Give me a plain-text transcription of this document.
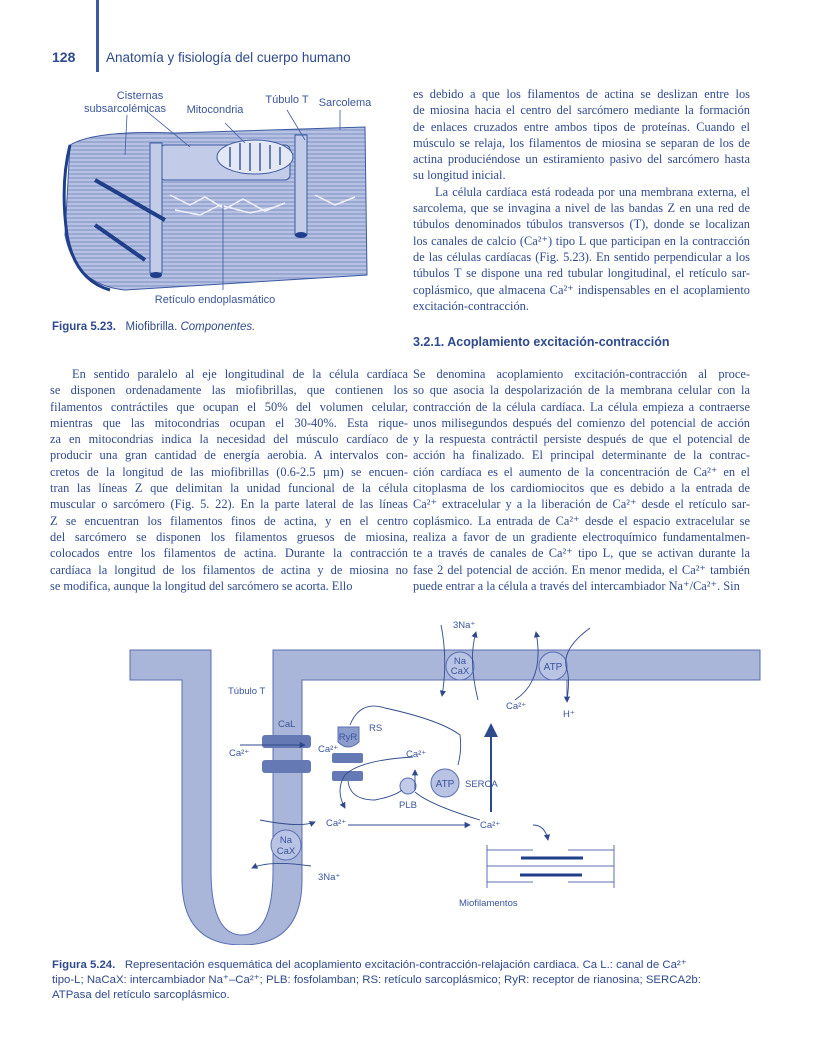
128 Anatomía y fisiología del cuerpo humano
Cisternas
subsarcolémicas Mitocondria
Túbulo T Sarcolema
Retículo endoplasmático
Figura 5.23. Miofibrilla. Componentes.
En sentido paralelo al eje longitudinal de la célula cardíaca
se disponen ordenadamente las miofibrillas, que contienen los
filamentos contráctiles que ocupan el 50% del volumen celular,
mientras que las mitocondrias ocupan el 30-40%. Esta rique-
za en mitocondrias indica la necesidad del músculo cardíaco de
producir una gran cantidad de energía aerobia. A intervalos con-
cretos de la longitud de las miofibrillas (0.6-2.5 µm) se encuen-
tran las líneas Z que delimitan la unidad funcional de la célula
muscular o sarcómero (Fig. 5. 22). En la parte lateral de las líneas
Z se encuentran los filamentos finos de actina, y en el centro
del sarcómero se disponen los filamentos gruesos de miosina,
colocados entre los filamentos de actina. Durante la contracción
cardíaca la longitud de los filamentos de actina y de miosina no
se modifica, aunque la longitud del sarcómero se acorta. Ello
es debido a que los filamentos de actina se deslizan entre los
de miosina hacia el centro del sarcómero mediante la formación
de enlaces cruzados entre ambos tipos de proteínas. Cuando el
músculo se relaja, los filamentos de miosina se separan de los de
actina produciéndose un estiramiento pasivo del sarcómero hasta
su longitud inicial.
La célula cardíaca está rodeada por una membrana externa, el
sarcolema, que se invagina a nivel de las bandas Z en una red de
túbulos denominados túbulos transversos (T), donde se localizan
los canales de calcio (Ca²⁺) tipo L que participan en la contracción
de las células cardíacas (Fig. 5.23). En sentido perpendicular a los
túbulos T se dispone una red tubular longitudinal, el retículo sar-
coplásmico, que almacena Ca²⁺ indispensables en el acoplamiento
excitación-contracción.
3.2.1. Acoplamiento excitación-contracción
Se denomina acoplamiento excitación-contracción al proce-
so que asocia la despolarización de la membrana celular con la
contracción de la célula cardíaca. La célula empieza a contraerse
unos milisegundos después del comienzo del potencial de acción
y la respuesta contráctil persiste después de que el potencial de
acción ha finalizado. El principal determinante de la contrac-
ción cardíaca es el aumento de la concentración de Ca²⁺ en el
citoplasma de los cardiomiocitos que es debido a la entrada de
Ca²⁺ extracelular y a la liberación de Ca²⁺ desde el retículo sar-
coplásmico. La entrada de Ca²⁺ desde el espacio extracelular se
realiza a favor de un gradiente electroquímico fundamentalmen-
te a través de canales de Ca²⁺ tipo L, que se activan durante la
fase 2 del potencial de acción. En menor medida, el Ca²⁺ también
puede entrar a la célula a través del intercambiador Na⁺/Ca²⁺. Sin
Na
CaX	ATP
RyR
ATP
3Na⁺
Túbulo T
Ca²⁺
H⁺
CaL	RS
Ca²⁺	Ca²⁺	Ca²⁺
SERCA
PLB
Ca²⁺	Ca²⁺
3Na⁺
Miofilamentos
Na
CaX
Figura 5.24. Representación esquemática del acoplamiento excitación-contracción-relajación cardiaca. Ca L.: canal de Ca²⁺
tipo-L; NaCaX: intercambiador Na⁺–Ca²⁺; PLB: fosfolamban; RS: retículo sarcoplásmico; RyR: receptor de rianosina; SERCA2b:
ATPasa del retículo sarcoplásmico.
